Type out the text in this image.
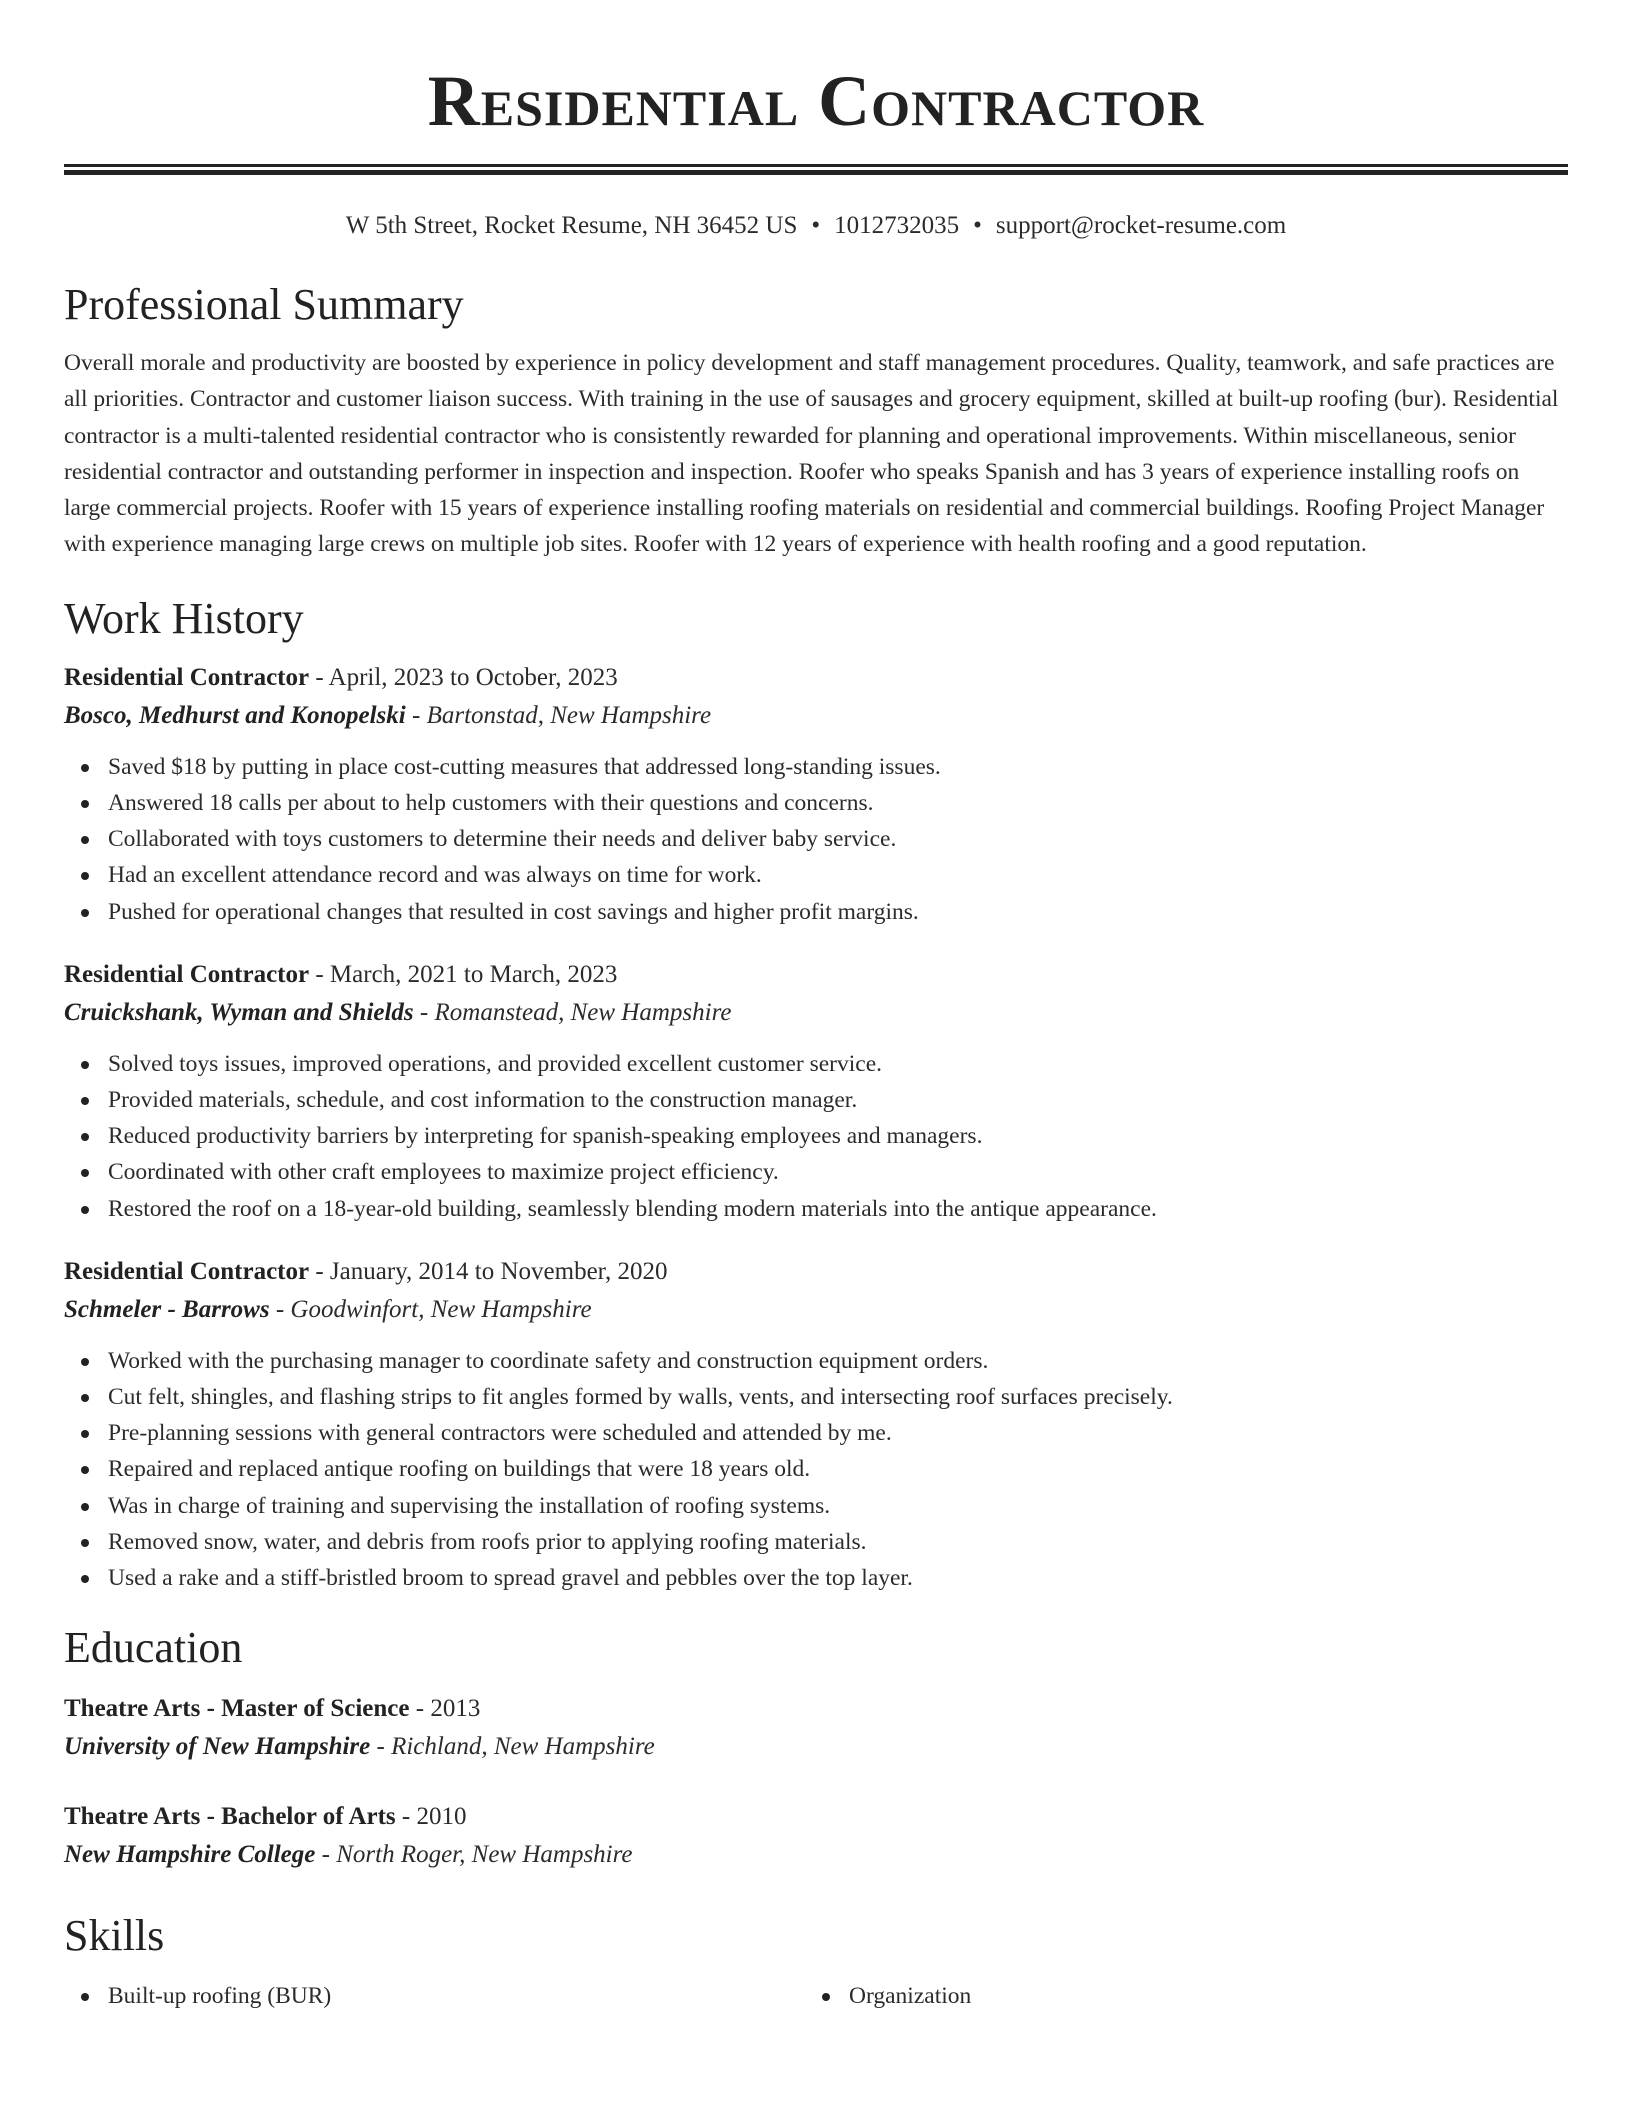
Residential Contractor
W 5th Street, Rocket Resume, NH 36452 US • 1012732035 • support@rocket-resume.com
Professional Summary

Overall morale and productivity are boosted by experience in policy development and staff management procedures. Quality, teamwork, and safe practices are all priorities. Contractor and customer liaison success. With training in the use of sausages and grocery equipment, skilled at built-up roofing (bur). Residential contractor is a multi-talented residential contractor who is consistently rewarded for planning and operational improvements. Within miscellaneous, senior residential contractor and outstanding performer in inspection and inspection. Roofer who speaks Spanish and has 3 years of experience installing roofs on large commercial projects. Roofer with 15 years of experience installing roofing materials on residential and commercial buildings. Roofing Project Manager with experience managing large crews on multiple job sites. Roofer with 12 years of experience with health roofing and a good reputation.

Work History
Residential Contractor - April, 2023 to October, 2023
Bosco, Medhurst and Konopelski - Bartonstad, New Hampshire
Saved $18 by putting in place cost-cutting measures that addressed long-standing issues.
Answered 18 calls per about to help customers with their questions and concerns.
Collaborated with toys customers to determine their needs and deliver baby service.
Had an excellent attendance record and was always on time for work.
Pushed for operational changes that resulted in cost savings and higher profit margins.
Residential Contractor - March, 2021 to March, 2023
Cruickshank, Wyman and Shields - Romanstead, New Hampshire
Solved toys issues, improved operations, and provided excellent customer service.
Provided materials, schedule, and cost information to the construction manager.
Reduced productivity barriers by interpreting for spanish-speaking employees and managers.
Coordinated with other craft employees to maximize project efficiency.
Restored the roof on a 18-year-old building, seamlessly blending modern materials into the antique appearance.
Residential Contractor - January, 2014 to November, 2020
Schmeler - Barrows - Goodwinfort, New Hampshire
Worked with the purchasing manager to coordinate safety and construction equipment orders.
Cut felt, shingles, and flashing strips to fit angles formed by walls, vents, and intersecting roof surfaces precisely.
Pre-planning sessions with general contractors were scheduled and attended by me.
Repaired and replaced antique roofing on buildings that were 18 years old.
Was in charge of training and supervising the installation of roofing systems.
Removed snow, water, and debris from roofs prior to applying roofing materials.
Used a rake and a stiff-bristled broom to spread gravel and pebbles over the top layer.
Education
Theatre Arts - Master of Science - 2013
University of New Hampshire - Richland, New Hampshire
Theatre Arts - Bachelor of Arts - 2010
New Hampshire College - North Roger, New Hampshire
Skills
Built-up roofing (BUR)	Organization
